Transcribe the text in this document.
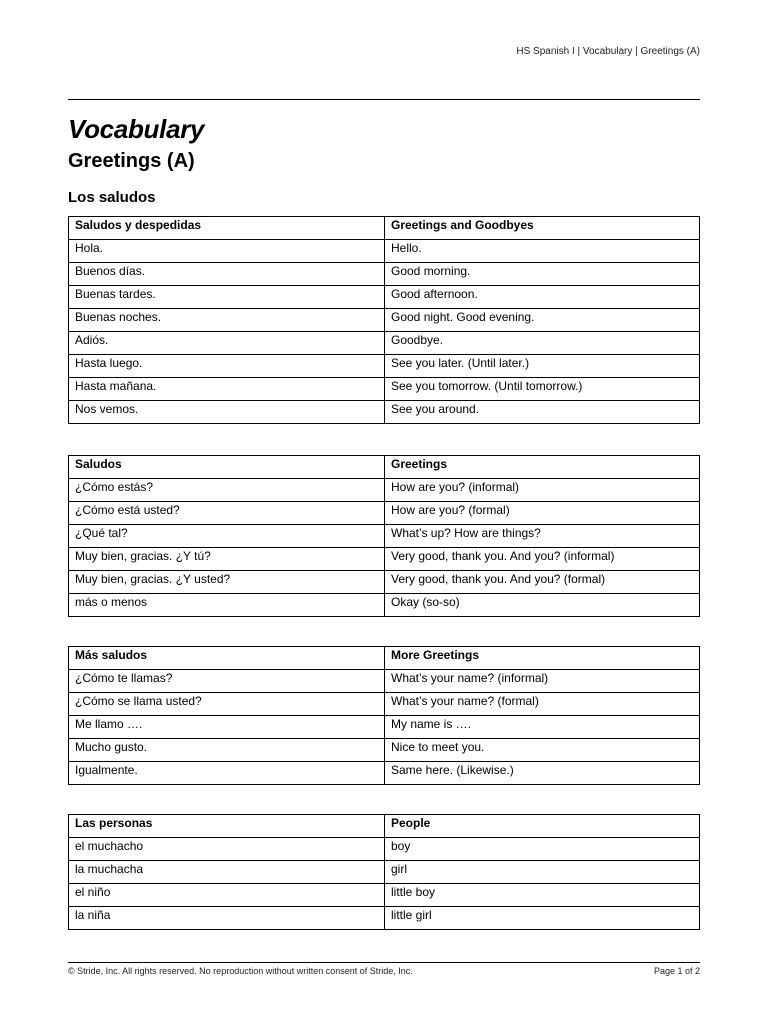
HS Spanish I | Vocabulary | Greetings (A)
Vocabulary
Greetings (A)
Los saludos
Saludos y despedidas	Greetings and Goodbyes
Hola.	Hello.
Buenos días.	Good morning.
Buenas tardes.	Good afternoon.
Buenas noches.	Good night. Good evening.
Adiós.	Goodbye.
Hasta luego.	See you later. (Until later.)
Hasta mañana.	See you tomorrow. (Until tomorrow.)
Nos vemos.	See you around.
Saludos	Greetings
¿Cómo estás?	How are you? (informal)
¿Cómo está usted?	How are you? (formal)
¿Qué tal?	What’s up? How are things?
Muy bien, gracias. ¿Y tú?	Very good, thank you. And you? (informal)
Muy bien, gracias. ¿Y usted?	Very good, thank you. And you? (formal)
más o menos	Okay (so-so)
Más saludos	More Greetings
¿Cómo te llamas?	What’s your name? (informal)
¿Cómo se llama usted?	What’s your name? (formal)
Me llamo ….	My name is ….
Mucho gusto.	Nice to meet you.
Igualmente.	Same here. (Likewise.)
Las personas	People
el muchacho	boy
la muchacha	girl
el niño	little boy
la niña	little girl
© Stride, Inc. All rights reserved. No reproduction without written consent of Stride, Inc.	Page 1 of 2
